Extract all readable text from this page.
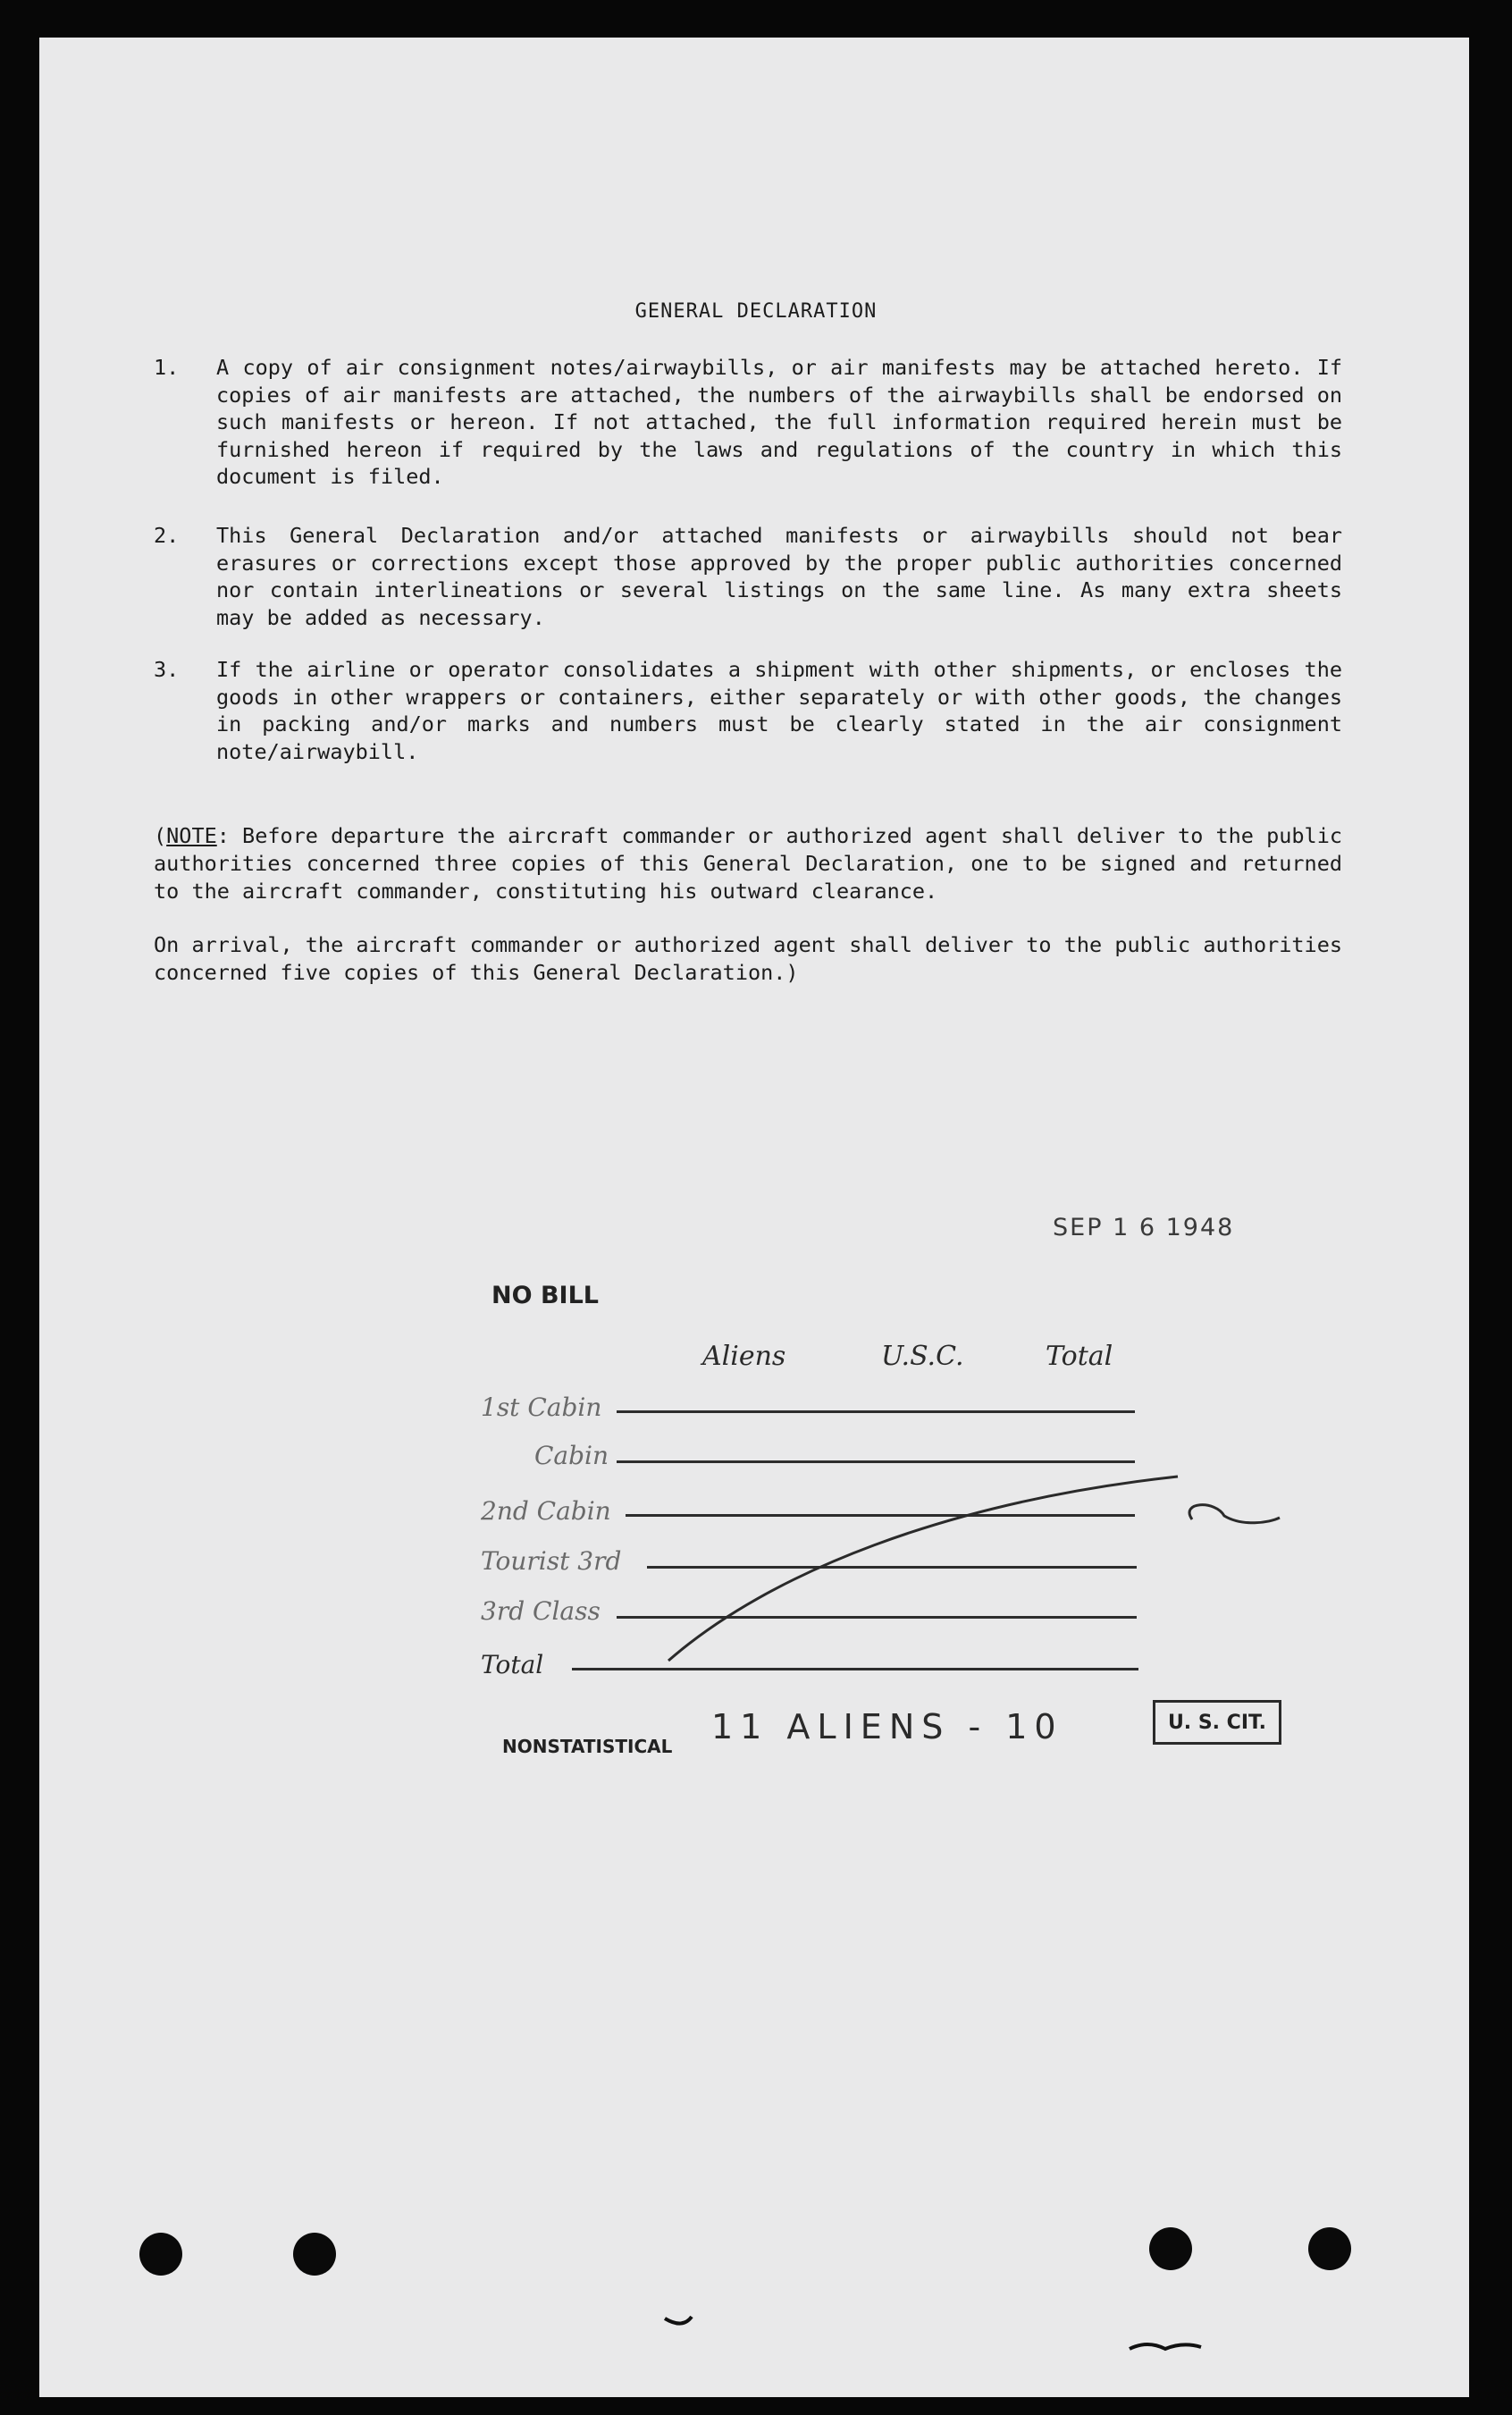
GENERAL DECLARATION
1. A copy of air consignment notes/airwaybills, or air manifests may be attached hereto. If copies of air manifests are attached, the numbers of the airwaybills shall be endorsed on such manifests or hereon. If not attached, the full information required herein must be furnished hereon if required by the laws and regulations of the country in which this document is filed.
2. This General Declaration and/or attached manifests or airwaybills should not bear erasures or corrections except those approved by the proper public authorities concerned nor contain interlineations or several listings on the same line. As many extra sheets may be added as necessary.
3. If the airline or operator consolidates a shipment with other shipments, or encloses the goods in other wrappers or containers, either separately or with other goods, the changes in packing and/or marks and numbers must be clearly stated in the air consignment note/airwaybill.
(NOTE: Before departure the aircraft commander or authorized agent shall deliver to the public authorities concerned three copies of this General Declaration, one to be signed and returned to the aircraft commander, constituting his outward clearance.
On arrival, the aircraft commander or authorized agent shall deliver to the public authorities concerned five copies of this General Declaration.)
SEP 1 6 1948
NO BILL
Aliens	U.S.C.	Total
1st Cabin
Cabin
2nd Cabin
Tourist 3rd
3rd Class
Total
NONSTATISTICAL 11 ALIENS - 10	U. S. CIT.
